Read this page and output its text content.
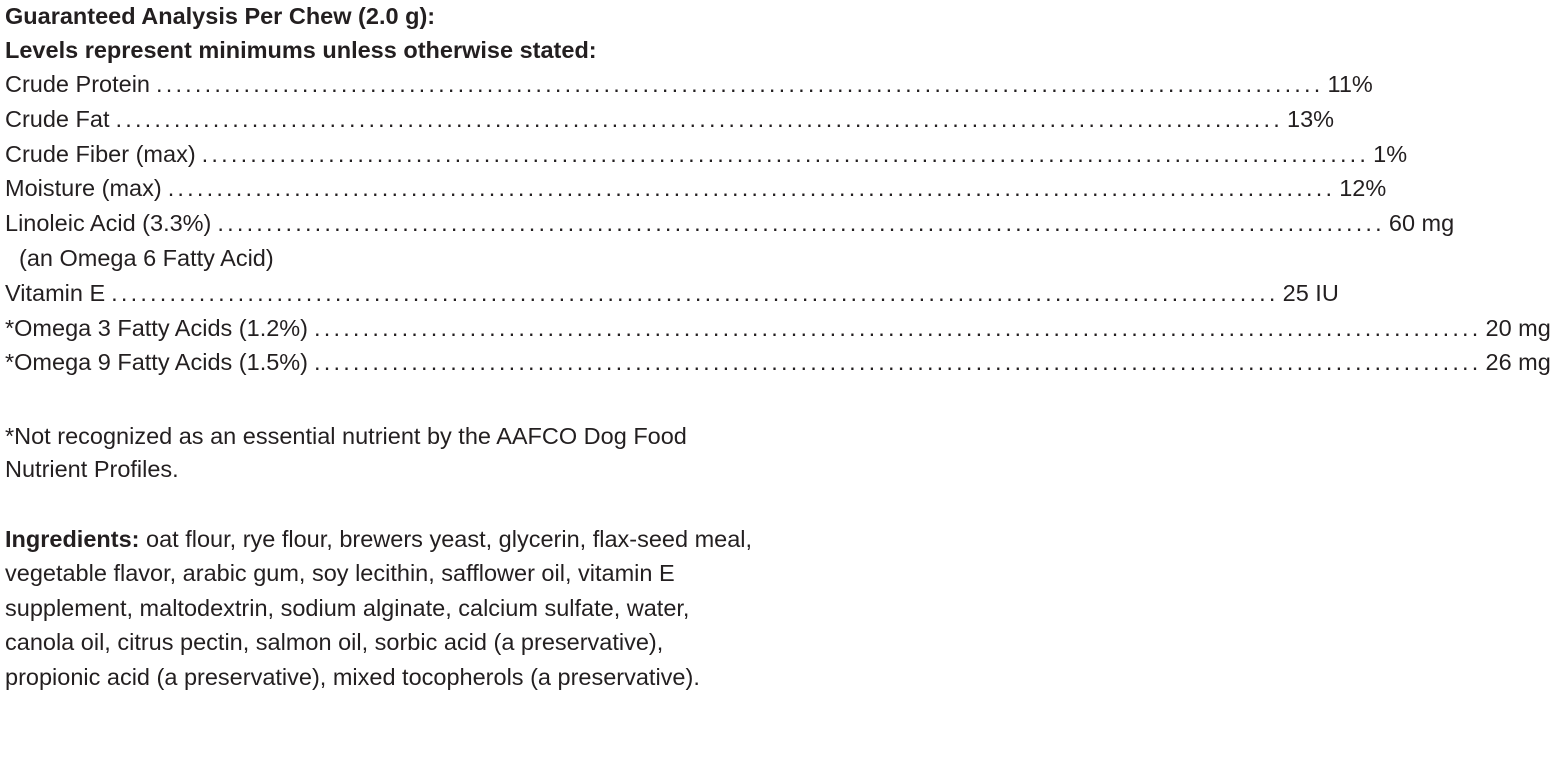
Guaranteed Analysis Per Chew (2.0 g):
Levels represent minimums unless otherwise stated:
Crude Protein ........................................................................................................................ 11%
Crude Fat ........................................................................................................................ 13%
Crude Fiber (max) ........................................................................................................................ 1%
Moisture (max) ........................................................................................................................ 12%
Linoleic Acid (3.3%) ........................................................................................................................ 60 mg
(an Omega 6 Fatty Acid)
Vitamin E ........................................................................................................................ 25 IU
*Omega 3 Fatty Acids (1.2%) ........................................................................................................................ 20 mg
*Omega 9 Fatty Acids (1.5%) ........................................................................................................................ 26 mg
*Not recognized as an essential nutrient by the AAFCO Dog Food Nutrient Profiles.
Ingredients: oat flour, rye flour, brewers yeast, glycerin, flax-seed meal, vegetable flavor, arabic gum, soy lecithin, safflower oil, vitamin E supplement, maltodextrin, sodium alginate, calcium sulfate, water, canola oil, citrus pectin, salmon oil, sorbic acid (a preservative), propionic acid (a preservative), mixed tocopherols (a preservative).
